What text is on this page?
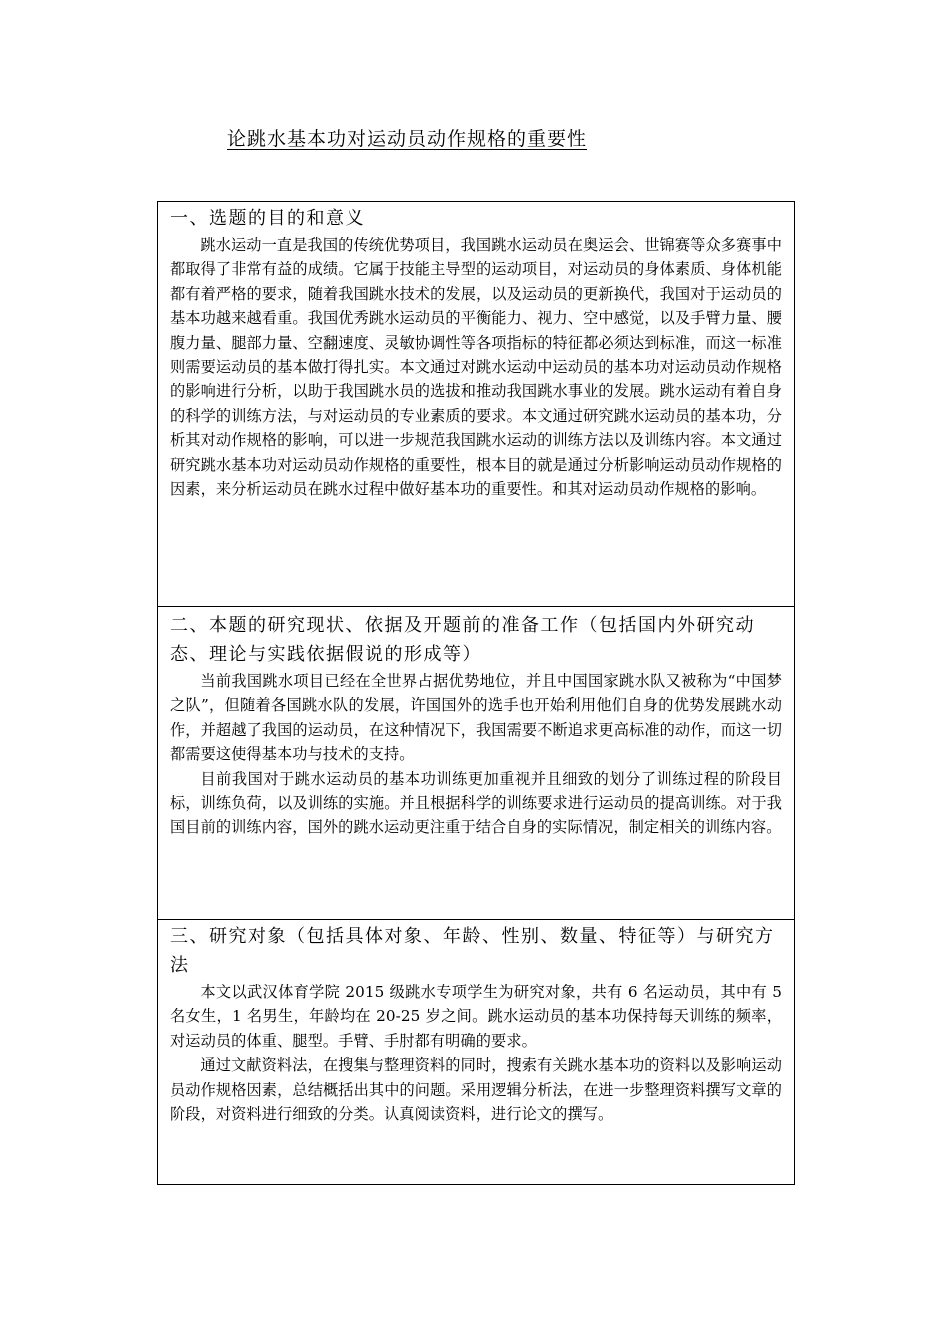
论跳水基本功对运动员动作规格的重要性
一、选题的目的和意义

跳水运动一直是我国的传统优势项目，我国跳水运动员在奥运会、世锦赛等众多赛事中都取得了非常有益的成绩。它属于技能主导型的运动项目，对运动员的身体素质、身体机能都有着严格的要求，随着我国跳水技术的发展，以及运动员的更新换代，我国对于运动员的基本功越来越看重。我国优秀跳水运动员的平衡能力、视力、空中感觉，以及手臂力量、腰腹力量、腿部力量、空翻速度、灵敏协调性等各项指标的特征都必须达到标准，而这一标准则需要运动员的基本做打得扎实。本文通过对跳水运动中运动员的基本功对运动员动作规格的影响进行分析，以助于我国跳水员的选拔和推动我国跳水事业的发展。跳水运动有着自身的科学的训练方法，与对运动员的专业素质的要求。本文通过研究跳水运动员的基本功，分析其对动作规格的影响，可以进一步规范我国跳水运动的训练方法以及训练内容。本文通过研究跳水基本功对运动员动作规格的重要性，根本目的就是通过分析影响运动员动作规格的因素，来分析运动员在跳水过程中做好基本功的重要性。和其对运动员动作规格的影响。

二、本题的研究现状、依据及开题前的准备工作（包括国内外研究动态、理论与实践依据假说的形成等）

当前我国跳水项目已经在全世界占据优势地位，并且中国国家跳水队又被称为“中国梦之队”，但随着各国跳水队的发展，许国国外的选手也开始利用他们自身的优势发展跳水动作，并超越了我国的运动员，在这种情况下，我国需要不断追求更高标准的动作，而这一切都需要这使得基本功与技术的支持。

目前我国对于跳水运动员的基本功训练更加重视并且细致的划分了训练过程的阶段目标，训练负荷，以及训练的实施。并且根据科学的训练要求进行运动员的提高训练。对于我国目前的训练内容，国外的跳水运动更注重于结合自身的实际情况，制定相关的训练内容。

三、研究对象（包括具体对象、年龄、性别、数量、特征等）与研究方法

本文以武汉体育学院 2015 级跳水专项学生为研究对象，共有 6 名运动员，其中有 5 名女生，1 名男生，年龄均在 20-25 岁之间。跳水运动员的基本功保持每天训练的频率，对运动员的体重、腿型。手臂、手肘都有明确的要求。

通过文献资料法，在搜集与整理资料的同时，搜索有关跳水基本功的资料以及影响运动员动作规格因素，总结概括出其中的问题。采用逻辑分析法，在进一步整理资料撰写文章的阶段，对资料进行细致的分类。认真阅读资料，进行论文的撰写。
